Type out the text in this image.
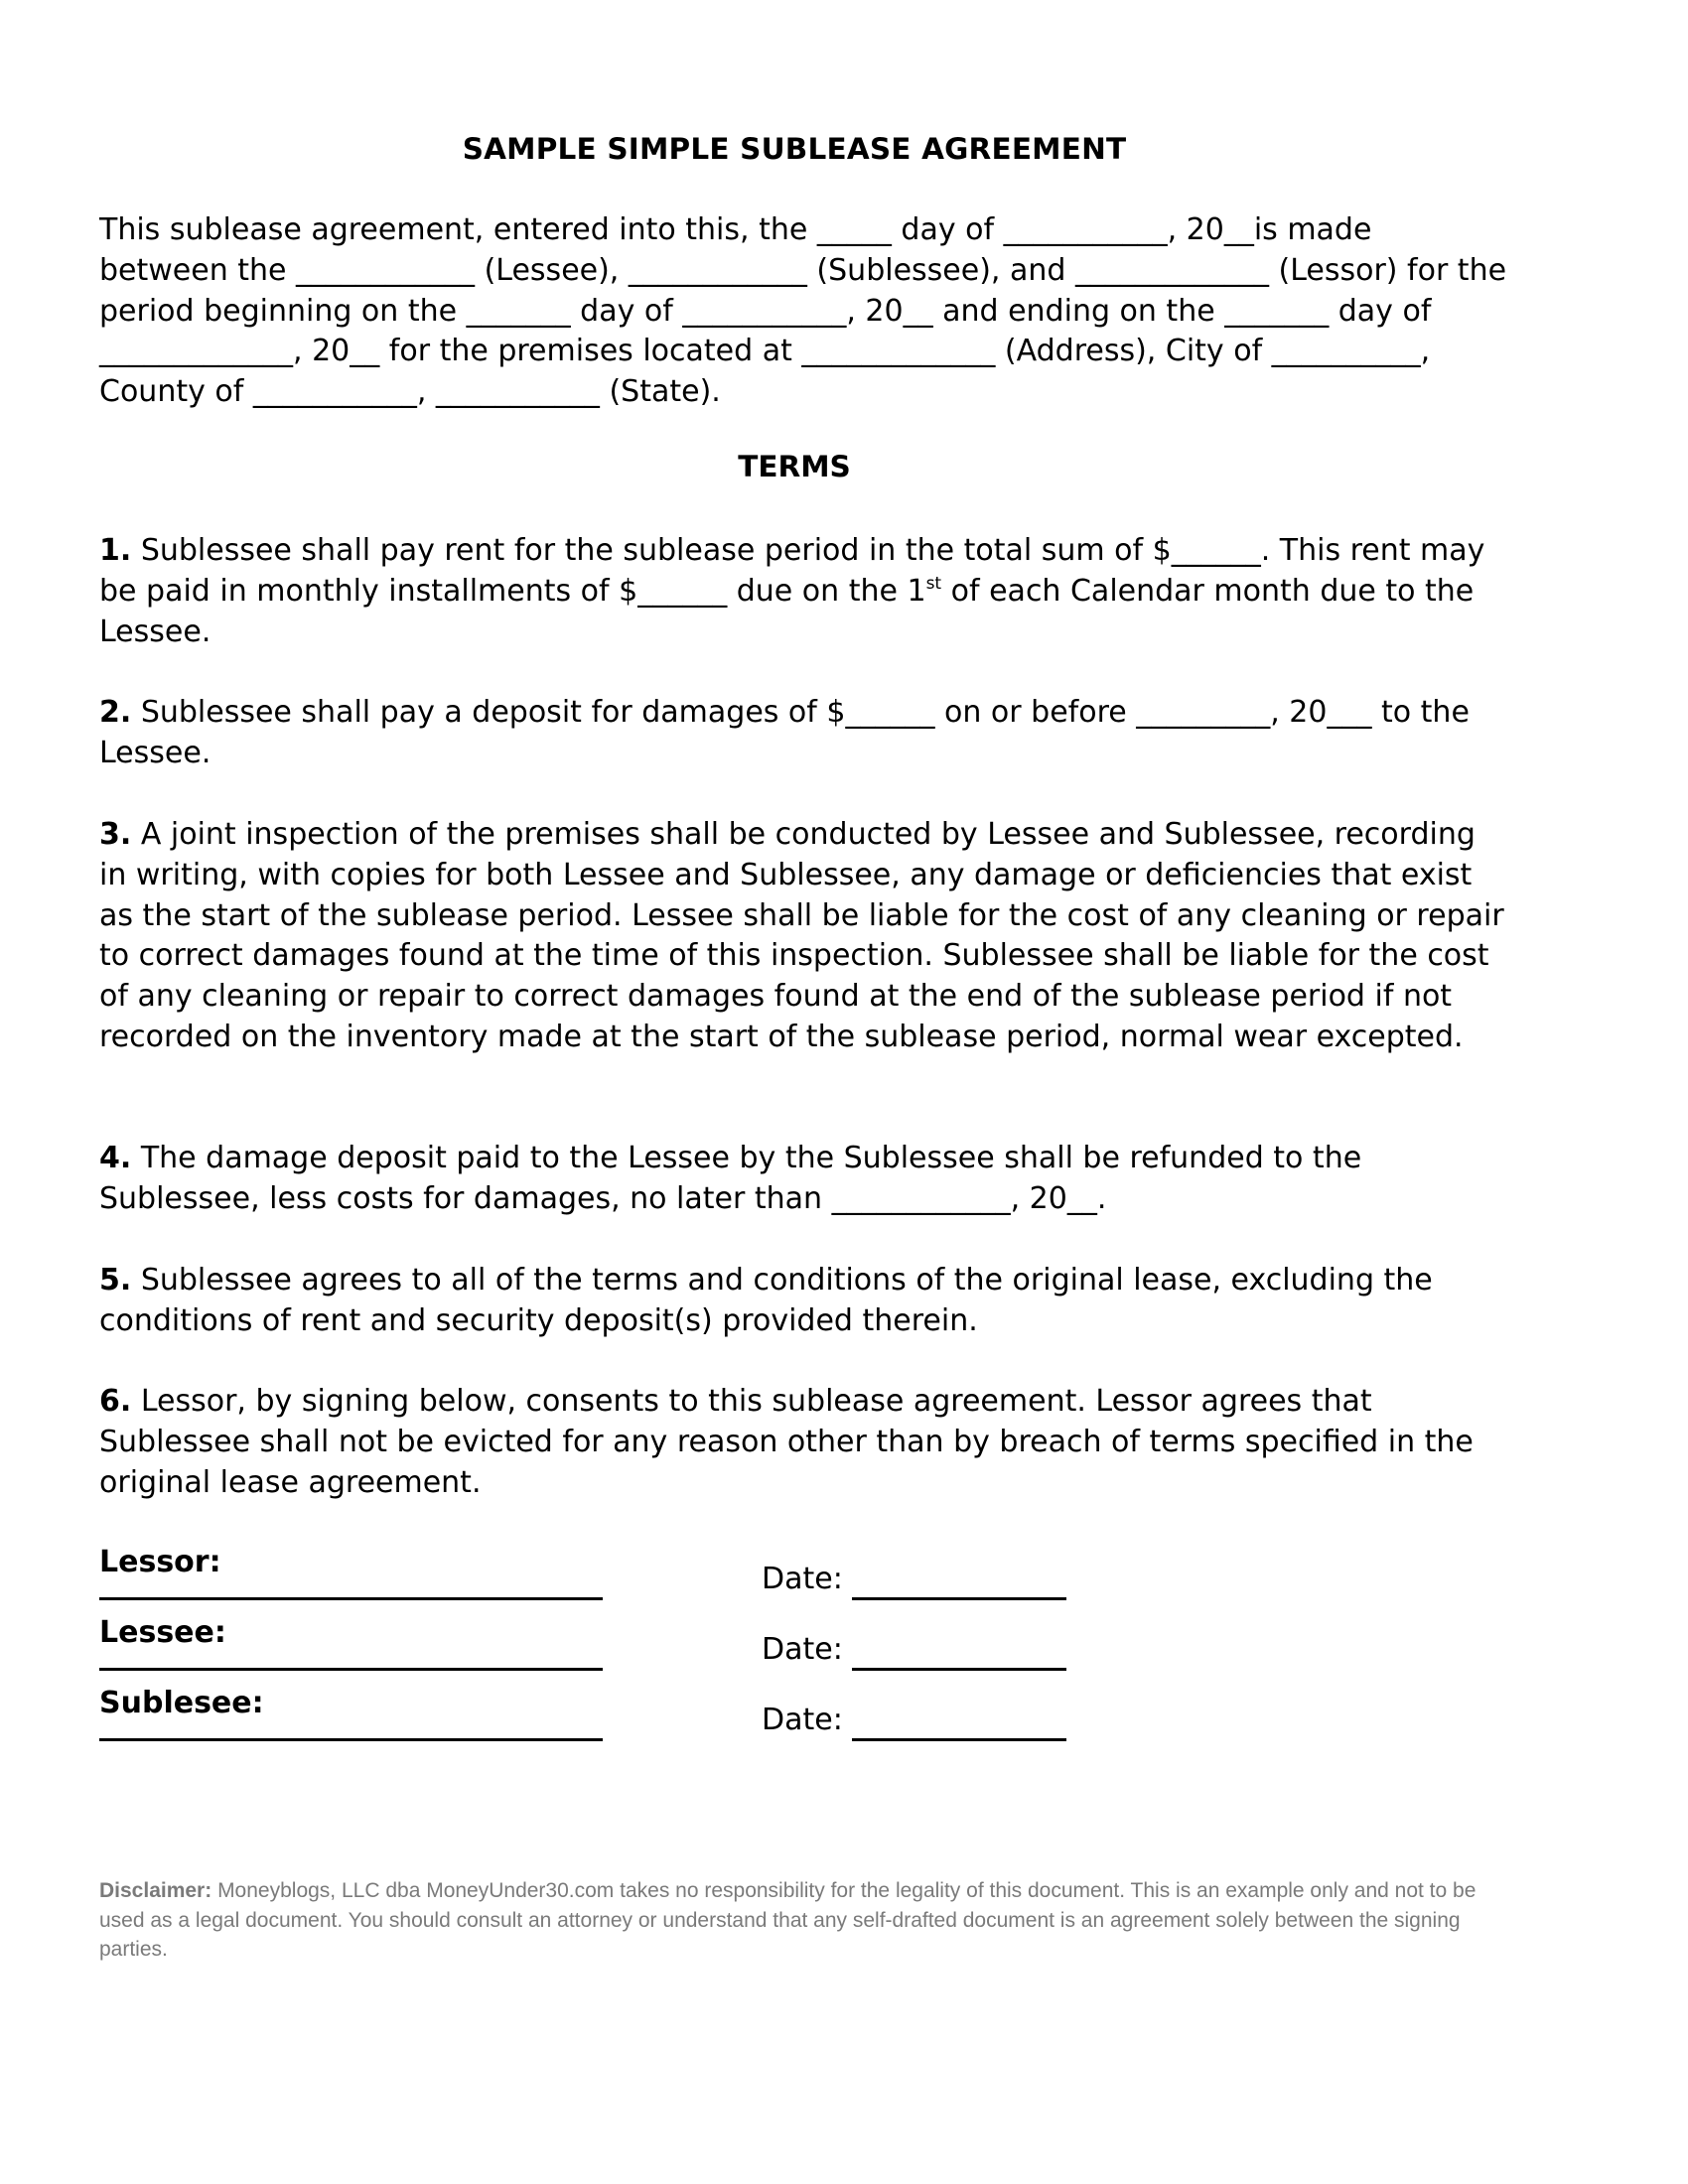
SAMPLE SIMPLE SUBLEASE AGREEMENT

This sublease agreement, entered into this, the _____ day of ___________, 20__is made between the ____________ (Lessee), ____________ (Sublessee), and _____________ (Lessor) for the period beginning on the _______ day of ___________, 20__ and ending on the _______ day of _____________, 20__ for the premises located at _____________ (Address), City of __________, County of ___________, ___________ (State).

TERMS

1. Sublessee shall pay rent for the sublease period in the total sum of $______. This rent may be paid in monthly installments of $______ due on the 1st of each Calendar month due to the Lessee.

2. Sublessee shall pay a deposit for damages of $______ on or before _________, 20___ to the Lessee.

3. A joint inspection of the premises shall be conducted by Lessee and Sublessee, recording in writing, with copies for both Lessee and Sublessee, any damage or deficiencies that exist as the start of the sublease period. Lessee shall be liable for the cost of any cleaning or repair to correct damages found at the time of this inspection. Sublessee shall be liable for the cost of any cleaning or repair to correct damages found at the end of the sublease period if not recorded on the inventory made at the start of the sublease period, normal wear excepted.

4. The damage deposit paid to the Lessee by the Sublessee shall be refunded to the Sublessee, less costs for damages, no later than ____________, 20__.

5. Sublessee agrees to all of the terms and conditions of the original lease, excluding the conditions of rent and security deposit(s) provided therein.

6. Lessor, by signing below, consents to this sublease agreement. Lessor agrees that Sublessee shall not be evicted for any reason other than by breach of terms specified in the original lease agreement.

Lessor:	Date:
Lessee:	Date:
Sublesee:	Date:

Disclaimer: Moneyblogs, LLC dba MoneyUnder30.com takes no responsibility for the legality of this document. This is an example only and not to be used as a legal document. You should consult an attorney or understand that any self-drafted document is an agreement solely between the signing parties.
